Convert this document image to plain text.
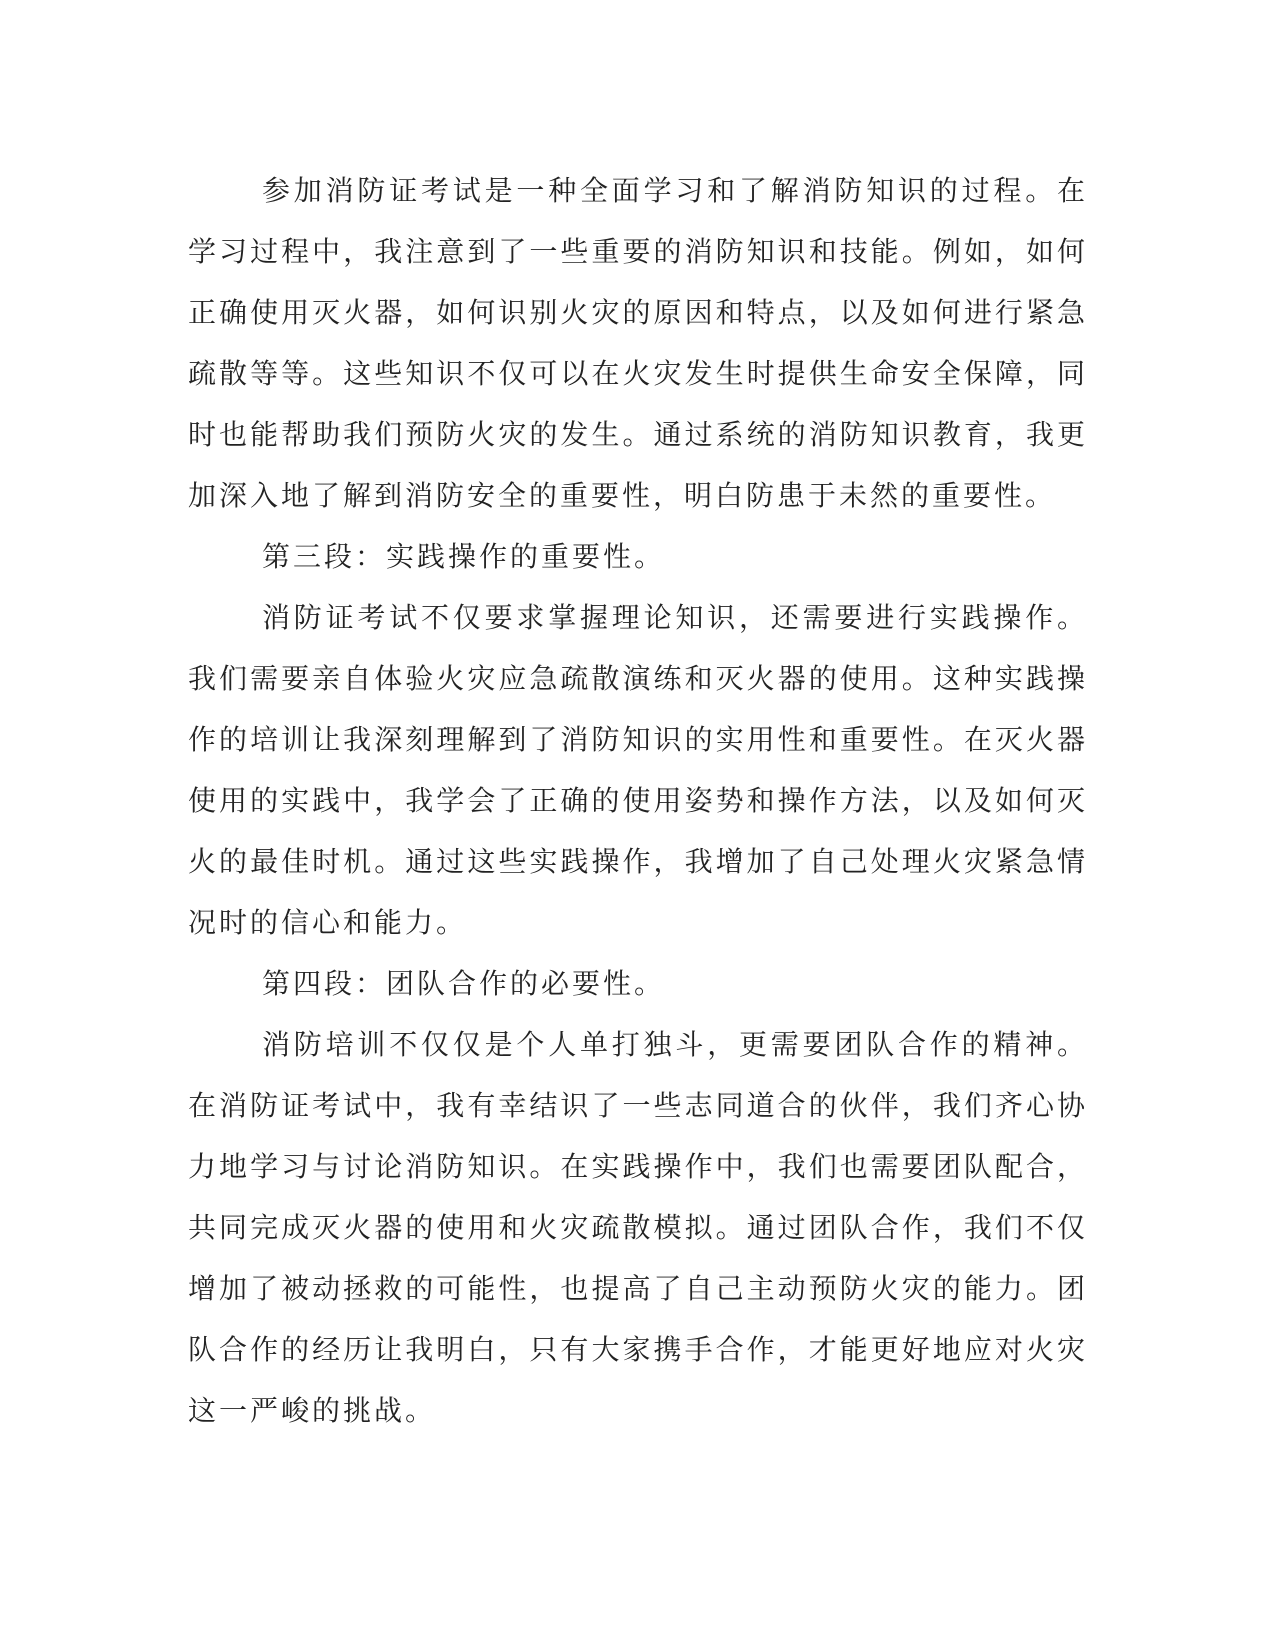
参加消防证考试是一种全面学习和了解消防知识的过程。在学习过程中，我注意到了一些重要的消防知识和技能。例如，如何正确使用灭火器，如何识别火灾的原因和特点，以及如何进行紧急疏散等等。这些知识不仅可以在火灾发生时提供生命安全保障，同时也能帮助我们预防火灾的发生。通过系统的消防知识教育，我更加深入地了解到消防安全的重要性，明白防患于未然的重要性。

第三段：实践操作的重要性。

消防证考试不仅要求掌握理论知识，还需要进行实践操作。我们需要亲自体验火灾应急疏散演练和灭火器的使用。这种实践操作的培训让我深刻理解到了消防知识的实用性和重要性。在灭火器使用的实践中，我学会了正确的使用姿势和操作方法，以及如何灭火的最佳时机。通过这些实践操作，我增加了自己处理火灾紧急情况时的信心和能力。

第四段：团队合作的必要性。

消防培训不仅仅是个人单打独斗，更需要团队合作的精神。在消防证考试中，我有幸结识了一些志同道合的伙伴，我们齐心协力地学习与讨论消防知识。在实践操作中，我们也需要团队配合，共同完成灭火器的使用和火灾疏散模拟。通过团队合作，我们不仅增加了被动拯救的可能性，也提高了自己主动预防火灾的能力。团队合作的经历让我明白，只有大家携手合作，才能更好地应对火灾这一严峻的挑战。
